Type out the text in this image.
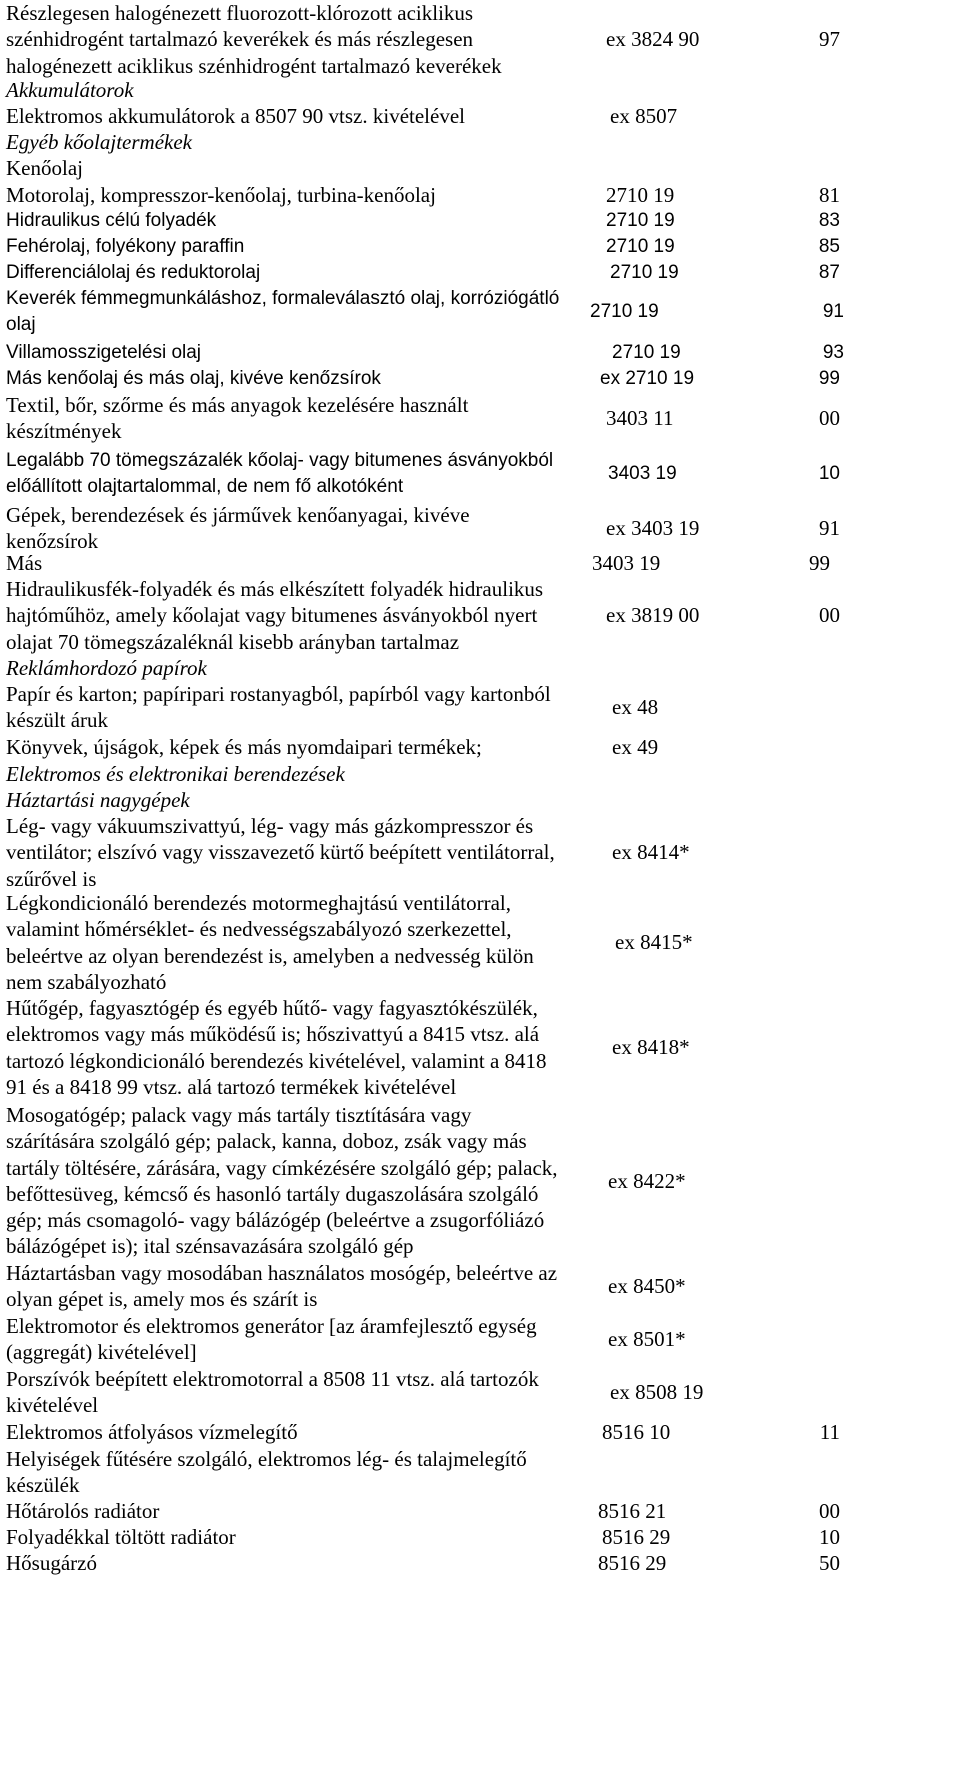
Részlegesen halogénezett fluorozott-klórozott aciklikus
szénhidrogént tartalmazó keverékek és más részlegesen
halogénezett aciklikus szénhidrogént tartalmazó keverékek
ex 3824 90	97
Akkumulátorok
Elektromos akkumulátorok a 8507 90 vtsz. kivételével	ex 8507
Egyéb kőolajtermékek
Kenőolaj
Motorolaj, kompresszor-kenőolaj, turbina-kenőolaj	2710 19	81
Hidraulikus célú folyadék	2710 19	83
Fehérolaj, folyékony paraffin	2710 19	85
Differenciálolaj és reduktorolaj	2710 19	87
Keverék fémmegmunkáláshoz, formaleválasztó olaj, korróziógátló
olaj
2710 19	91
Villamosszigetelési olaj	2710 19	93
Más kenőolaj és más olaj, kivéve kenőzsírok	ex 2710 19	99
Textil, bőr, szőrme és más anyagok kezelésére használt
készítmények
3403 11	00
Legalább 70 tömegszázalék kőolaj- vagy bitumenes ásványokból
előállított olajtartalommal, de nem fő alkotóként
3403 19	10
Gépek, berendezések és járművek kenőanyagai, kivéve
kenőzsírok
ex 3403 19	91
Más	3403 19	99
Hidraulikusfék-folyadék és más elkészített folyadék hidraulikus
hajtóműhöz, amely kőolajat vagy bitumenes ásványokból nyert
olajat 70 tömegszázaléknál kisebb arányban tartalmaz
ex 3819 00	00
Reklámhordozó papírok
Papír és karton; papíripari rostanyagból, papírból vagy kartonból
készült áruk
ex 48
Könyvek, újságok, képek és más nyomdaipari termékek;	ex 49
Elektromos és elektronikai berendezések
Háztartási nagygépek
Lég- vagy vákuumszivattyú, lég- vagy más gázkompresszor és
ventilátor; elszívó vagy visszavezető kürtő beépített ventilátorral,
szűrővel is
ex 8414*
Légkondicionáló berendezés motormeghajtású ventilátorral,
valamint hőmérséklet- és nedvességszabályozó szerkezettel,
beleértve az olyan berendezést is, amelyben a nedvesség külön
nem szabályozható
ex 8415*
Hűtőgép, fagyasztógép és egyéb hűtő- vagy fagyasztókészülék,
elektromos vagy más működésű is; hőszivattyú a 8415 vtsz. alá
tartozó légkondicionáló berendezés kivételével, valamint a 8418
91 és a 8418 99 vtsz. alá tartozó termékek kivételével
ex 8418*
Mosogatógép; palack vagy más tartály tisztítására vagy
szárítására szolgáló gép; palack, kanna, doboz, zsák vagy más
tartály töltésére, zárására, vagy címkézésére szolgáló gép; palack,
befőttesüveg, kémcső és hasonló tartály dugaszolására szolgáló
gép; más csomagoló- vagy bálázógép (beleértve a zsugorfóliázó
bálázógépet is); ital szénsavazására szolgáló gép
ex 8422*
Háztartásban vagy mosodában használatos mosógép, beleértve az
olyan gépet is, amely mos és szárít is
ex 8450*
Elektromotor és elektromos generátor [az áramfejlesztő egység
(aggregát) kivételével]
ex 8501*
Porszívók beépített elektromotorral a 8508 11 vtsz. alá tartozók
kivételével
ex 8508 19
Elektromos átfolyásos vízmelegítő	8516 10	11
Helyiségek fűtésére szolgáló, elektromos lég- és talajmelegítő
készülék
Hőtárolós radiátor	8516 21	00
Folyadékkal töltött radiátor	8516 29	10
Hősugárzó	8516 29	50
